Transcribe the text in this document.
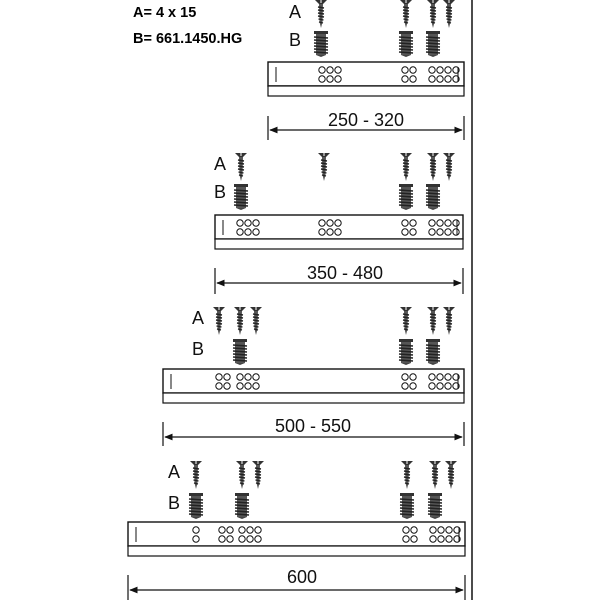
A= 4 x 15
B= 661.1450.HG
A
B
250 - 320
A
B
350 - 480
A
B
500 - 550
A
B
600
